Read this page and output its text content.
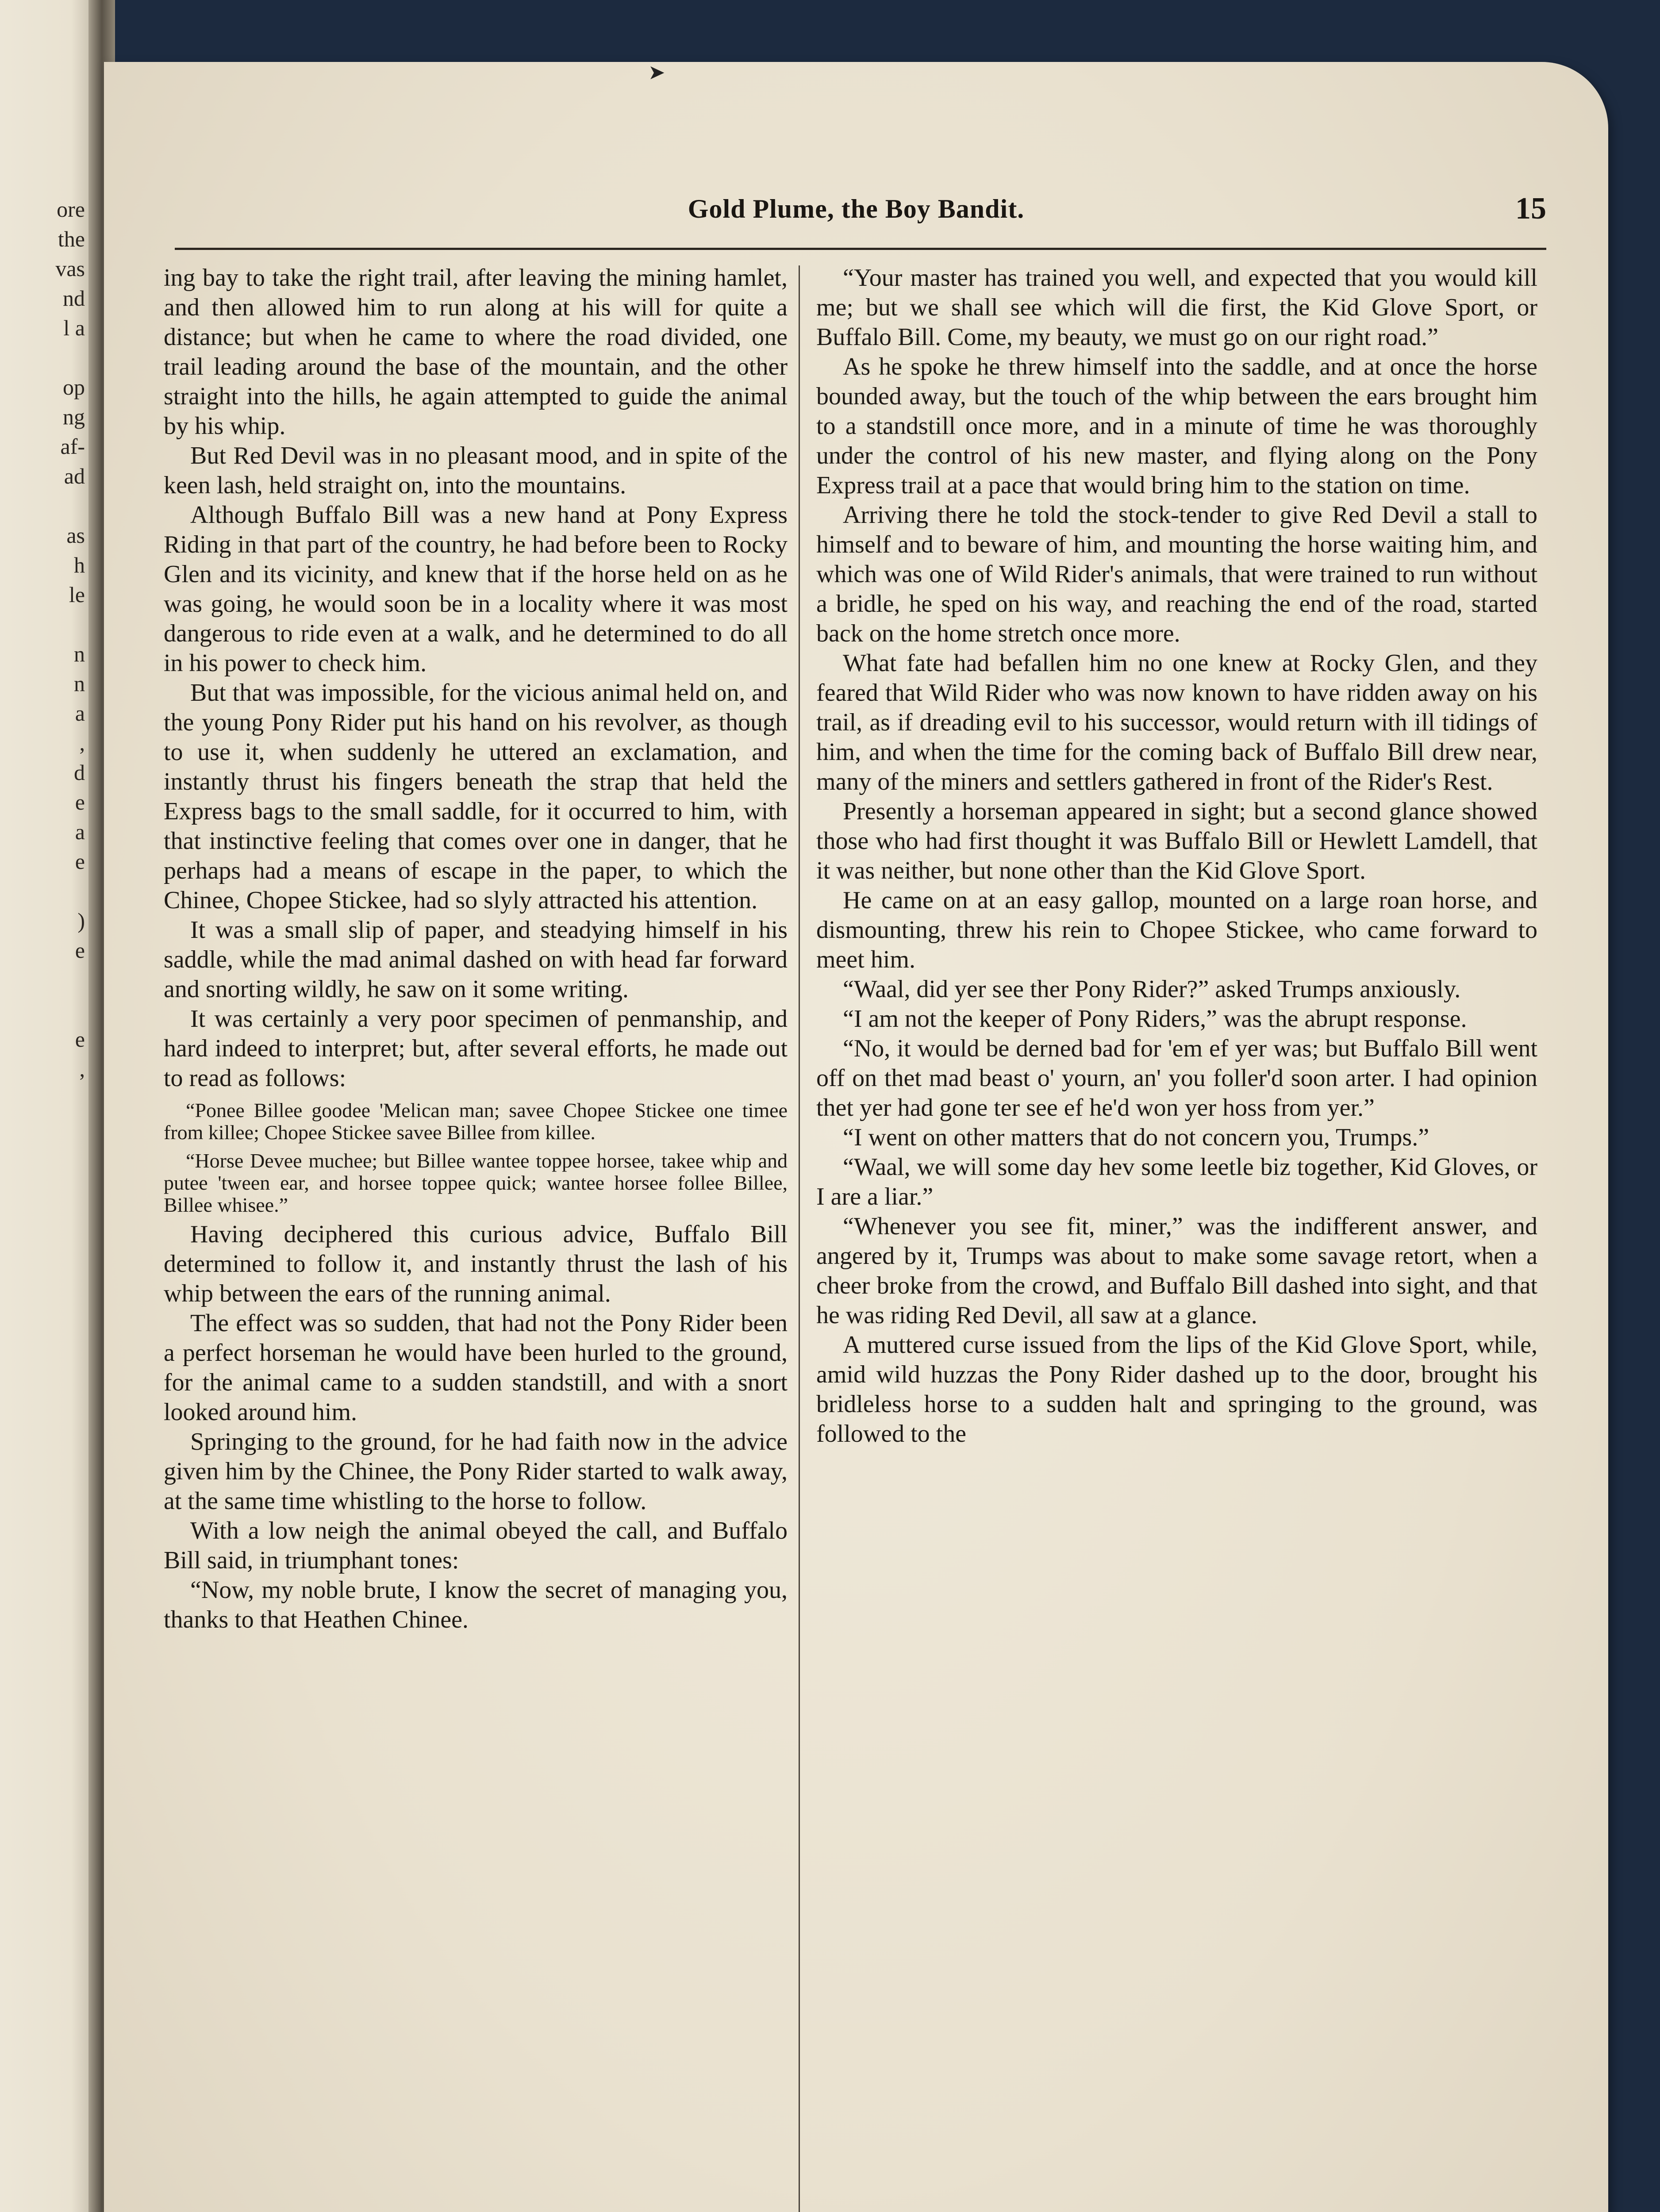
ore
the
vas
nd
l a

op
ng
af-
ad

as
h
le

n
n
a
,
d
e
a
e

)
e

e
,
➤
Gold Plume, the Boy Bandit.	15

ing bay to take the right trail, after leaving the mining hamlet, and then allowed him to run along at his will for quite a distance; but when he came to where the road divided, one trail leading around the base of the mountain, and the other straight into the hills, he again attempted to guide the animal by his whip.

But Red Devil was in no pleasant mood, and in spite of the keen lash, held straight on, into the mountains.

Although Buffalo Bill was a new hand at Pony Express Riding in that part of the country, he had before been to Rocky Glen and its vicinity, and knew that if the horse held on as he was going, he would soon be in a locality where it was most dangerous to ride even at a walk, and he determined to do all in his power to check him.

But that was impossible, for the vicious animal held on, and the young Pony Rider put his hand on his revolver, as though to use it, when suddenly he uttered an exclamation, and instantly thrust his fingers beneath the strap that held the Express bags to the small saddle, for it occurred to him, with that instinctive feeling that comes over one in danger, that he perhaps had a means of escape in the paper, to which the Chinee, Chopee Stickee, had so slyly attracted his attention.

It was a small slip of paper, and steadying himself in his saddle, while the mad animal dashed on with head far forward and snorting wildly, he saw on it some writing.

It was certainly a very poor specimen of penmanship, and hard indeed to interpret; but, after several efforts, he made out to read as follows:

“Ponee Billee goodee 'Melican man; savee Chopee Stickee one timee from killee; Chopee Stickee savee Billee from killee.

“Horse Devee muchee; but Billee wantee toppee horsee, takee whip and putee 'tween ear, and horsee toppee quick; wantee horsee follee Billee, Billee whisee.”

Having deciphered this curious advice, Buffalo Bill determined to follow it, and instantly thrust the lash of his whip between the ears of the running animal.

The effect was so sudden, that had not the Pony Rider been a perfect horseman he would have been hurled to the ground, for the animal came to a sudden standstill, and with a snort looked around him.

Springing to the ground, for he had faith now in the advice given him by the Chinee, the Pony Rider started to walk away, at the same time whistling to the horse to follow.

With a low neigh the animal obeyed the call, and Buffalo Bill said, in triumphant tones:

“Now, my noble brute, I know the secret of managing you, thanks to that Heathen Chinee.

“Your master has trained you well, and expected that you would kill me; but we shall see which will die first, the Kid Glove Sport, or Buffalo Bill. Come, my beauty, we must go on our right road.”

As he spoke he threw himself into the saddle, and at once the horse bounded away, but the touch of the whip between the ears brought him to a standstill once more, and in a minute of time he was thoroughly under the control of his new master, and flying along on the Pony Express trail at a pace that would bring him to the station on time.

Arriving there he told the stock-tender to give Red Devil a stall to himself and to beware of him, and mounting the horse waiting him, and which was one of Wild Rider's animals, that were trained to run without a bridle, he sped on his way, and reaching the end of the road, started back on the home stretch once more.

What fate had befallen him no one knew at Rocky Glen, and they feared that Wild Rider who was now known to have ridden away on his trail, as if dreading evil to his successor, would return with ill tidings of him, and when the time for the coming back of Buffalo Bill drew near, many of the miners and settlers gathered in front of the Rider's Rest.

Presently a horseman appeared in sight; but a second glance showed those who had first thought it was Buffalo Bill or Hewlett Lamdell, that it was neither, but none other than the Kid Glove Sport.

He came on at an easy gallop, mounted on a large roan horse, and dismounting, threw his rein to Chopee Stickee, who came forward to meet him.

“Waal, did yer see ther Pony Rider?” asked Trumps anxiously.

“I am not the keeper of Pony Riders,” was the abrupt response.

“No, it would be derned bad for 'em ef yer was; but Buffalo Bill went off on thet mad beast o' yourn, an' you foller'd soon arter. I had opinion thet yer had gone ter see ef he'd won yer hoss from yer.”

“I went on other matters that do not concern you, Trumps.”

“Waal, we will some day hev some leetle biz together, Kid Gloves, or I are a liar.”

“Whenever you see fit, miner,” was the indifferent answer, and angered by it, Trumps was about to make some savage retort, when a cheer broke from the crowd, and Buffalo Bill dashed into sight, and that he was riding Red Devil, all saw at a glance.

A muttered curse issued from the lips of the Kid Glove Sport, while, amid wild huzzas the Pony Rider dashed up to the door, brought his bridleless horse to a sudden halt and springing to the ground, was followed to the
